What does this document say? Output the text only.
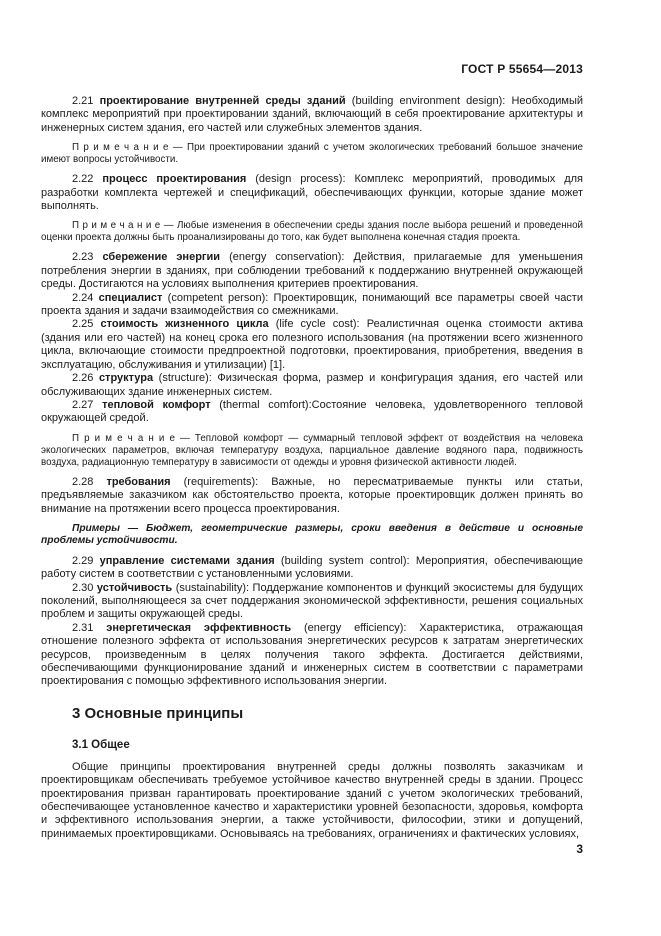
ГОСТ Р 55654—2013

2.21 проектирование внутренней среды зданий (building environment design): Необходимый комплекс мероприятий при проектировании зданий, включающий в себя проектирование архитектуры и инженерных систем здания, его частей или служебных элементов здания.

П р и м е ч а н и е — При проектировании зданий с учетом экологических требований большое значение имеют вопросы устойчивости.

2.22 процесс проектирования (design process): Комплекс мероприятий, проводимых для разработки комплекта чертежей и спецификаций, обеспечивающих функции, которые здание может выполнять.

П р и м е ч а н и е — Любые изменения в обеспечении среды здания после выбора решений и проведенной оценки проекта должны быть проанализированы до того, как будет выполнена конечная стадия проекта.

2.23 сбережение энергии (energy conservation): Действия, прилагаемые для уменьшения потребления энергии в зданиях, при соблюдении требований к поддержанию внутренней окружающей среды. Достигаются на условиях выполнения критериев проектирования.

2.24 специалист (competent person): Проектировщик, понимающий все параметры своей части проекта здания и задачи взаимодействия со смежниками.

2.25 стоимость жизненного цикла (life cycle cost): Реалистичная оценка стоимости актива (здания или его частей) на конец срока его полезного использования (на протяжении всего жизненного цикла, включающие стоимости предпроектной подготовки, проектирования, приобретения, введения в эксплуатацию, обслуживания и утилизации) [1].

2.26 структура (structure): Физическая форма, размер и конфигурация здания, его частей или обслуживающих здание инженерных систем.

2.27 тепловой комфорт (thermal comfort):Состояние человека, удовлетворенного тепловой окружающей средой.

П р и м е ч а н и е — Тепловой комфорт — суммарный тепловой эффект от воздействия на человека экологических параметров, включая температуру воздуха, парциальное давление водяного пара, подвижность воздуха, радиационную температуру в зависимости от одежды и уровня физической активности людей.

2.28 требования (requirements): Важные, но пересматриваемые пункты или статьи, предъявляемые заказчиком как обстоятельство проекта, которые проектировщик должен принять во внимание на протяжении всего процесса проектирования.

Примеры — Бюджет, геометрические размеры, сроки введения в действие и основные проблемы устойчивости.

2.29 управление системами здания (building system control): Мероприятия, обеспечивающие работу систем в соответствии с установленными условиями.

2.30 устойчивость (sustainability): Поддержание компонентов и функций экосистемы для будущих поколений, выполняющееся за счет поддержания экономической эффективности, решения социальных проблем и защиты окружающей среды.

2.31 энергетическая эффективность (energy efficiency): Характеристика, отражающая отношение полезного эффекта от использования энергетических ресурсов к затратам энергетических ресурсов, произведенным в целях получения такого эффекта. Достигается действиями, обеспечивающими функционирование зданий и инженерных систем в соответствии с параметрами проектирования с помощью эффективного использования энергии.

3 Основные принципы
3.1 Общее

Общие принципы проектирования внутренней среды должны позволять заказчикам и проектировщикам обеспечивать требуемое устойчивое качество внутренней среды в здании. Процесс проектирования призван гарантировать проектирование зданий с учетом экологических требований, обеспечивающее установленное качество и характеристики уровней безопасности, здоровья, комфорта и эффективного использования энергии, а также устойчивости, философии, этики и допущений, принимаемых проектировщиками. Основываясь на требованиях, ограничениях и фактических условиях,

3
